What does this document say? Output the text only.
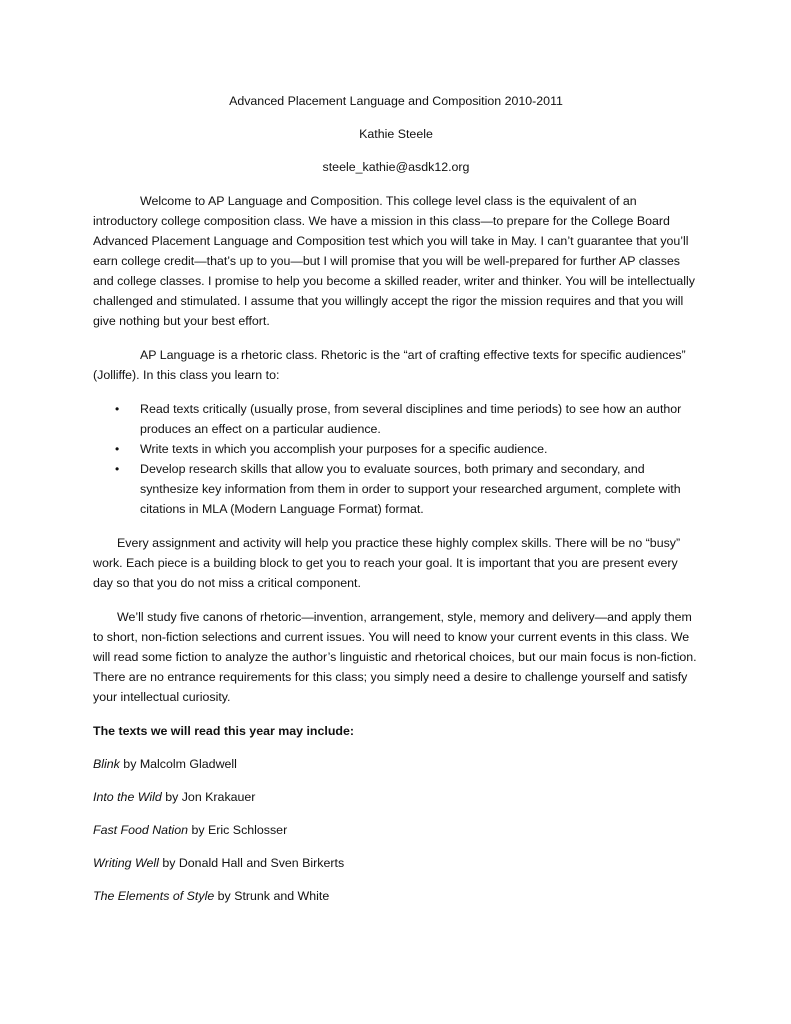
Advanced Placement Language and Composition 2010-2011

Kathie Steele

steele_kathie@asdk12.org

Welcome to AP Language and Composition. This college level class is the equivalent of an introductory college composition class. We have a mission in this class—to prepare for the College Board Advanced Placement Language and Composition test which you will take in May. I can’t guarantee that you’ll earn college credit—that’s up to you—but I will promise that you will be well-prepared for further AP classes and college classes. I promise to help you become a skilled reader, writer and thinker. You will be intellectually challenged and stimulated. I assume that you willingly accept the rigor the mission requires and that you will give nothing but your best effort.

AP Language is a rhetoric class. Rhetoric is the “art of crafting effective texts for specific audiences” (Jolliffe). In this class you learn to:

• Read texts critically (usually prose, from several disciplines and time periods) to see how an author produces an effect on a particular audience.
• Write texts in which you accomplish your purposes for a specific audience.
• Develop research skills that allow you to evaluate sources, both primary and secondary, and synthesize key information from them in order to support your researched argument, complete with citations in MLA (Modern Language Format) format.

Every assignment and activity will help you practice these highly complex skills. There will be no “busy” work. Each piece is a building block to get you to reach your goal. It is important that you are present every day so that you do not miss a critical component.

We’ll study five canons of rhetoric—invention, arrangement, style, memory and delivery—and apply them to short, non-fiction selections and current issues. You will need to know your current events in this class. We will read some fiction to analyze the author’s linguistic and rhetorical choices, but our main focus is non-fiction. There are no entrance requirements for this class; you simply need a desire to challenge yourself and satisfy your intellectual curiosity.

The texts we will read this year may include:

Blink by Malcolm Gladwell

Into the Wild by Jon Krakauer

Fast Food Nation by Eric Schlosser

Writing Well by Donald Hall and Sven Birkerts

The Elements of Style by Strunk and White
